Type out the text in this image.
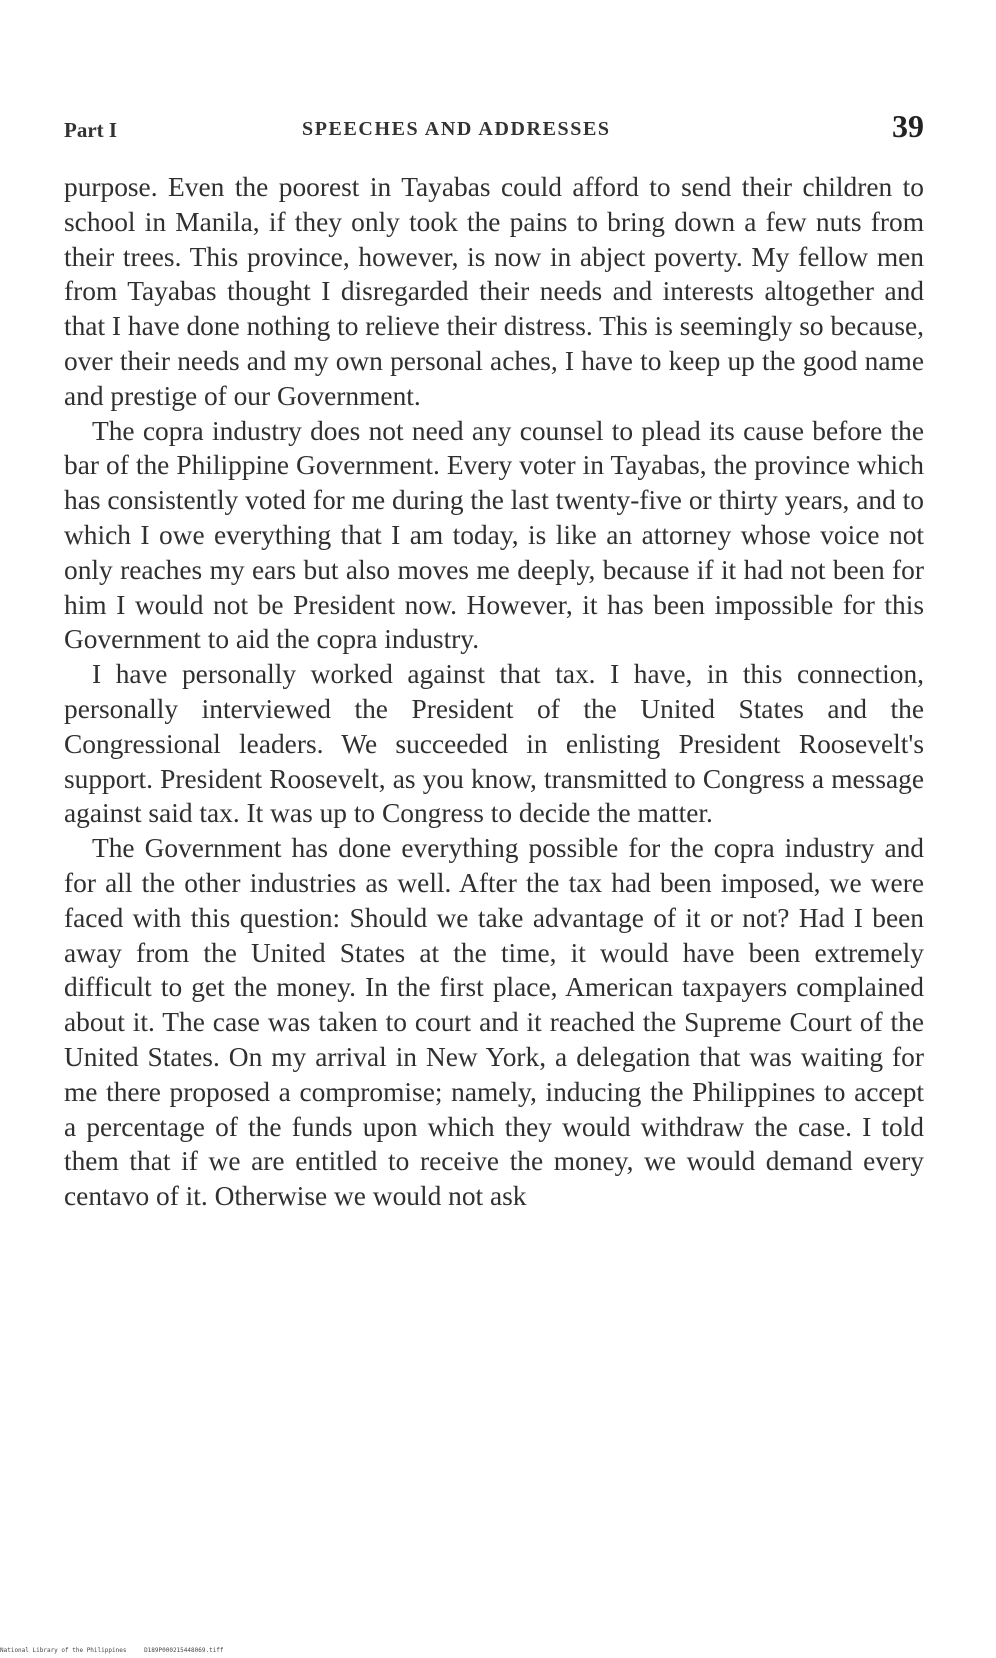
Part I	SPEECHES AND ADDRESSES	39

purpose. Even the poorest in Tayabas could afford to send their children to school in Manila, if they only took the pains to bring down a few nuts from their trees. This province, however, is now in abject poverty. My fellow men from Tayabas thought I disregarded their needs and interests altogether and that I have done nothing to relieve their distress. This is seemingly so because, over their needs and my own personal aches, I have to keep up the good name and prestige of our Government.

The copra industry does not need any counsel to plead its cause before the bar of the Philippine Government. Every voter in Tayabas, the province which has consistently voted for me during the last twenty-five or thirty years, and to which I owe everything that I am today, is like an attorney whose voice not only reaches my ears but also moves me deeply, because if it had not been for him I would not be President now. However, it has been impossible for this Government to aid the copra industry.

I have personally worked against that tax. I have, in this connection, personally interviewed the President of the United States and the Congressional leaders. We succeeded in enlisting President Roosevelt's support. President Roosevelt, as you know, transmitted to Congress a message against said tax. It was up to Congress to decide the matter.

The Government has done everything possible for the copra industry and for all the other industries as well. After the tax had been imposed, we were faced with this question: Should we take advantage of it or not? Had I been away from the United States at the time, it would have been extremely difficult to get the money. In the first place, American taxpayers complained about it. The case was taken to court and it reached the Supreme Court of the United States. On my arrival in New York, a delegation that was waiting for me there proposed a compromise; namely, inducing the Philippines to accept a percentage of the funds upon which they would withdraw the case. I told them that if we are entitled to receive the money, we would demand every centavo of it. Otherwise we would not ask

National Library of the Philippines	D189P000215448069.tiff
